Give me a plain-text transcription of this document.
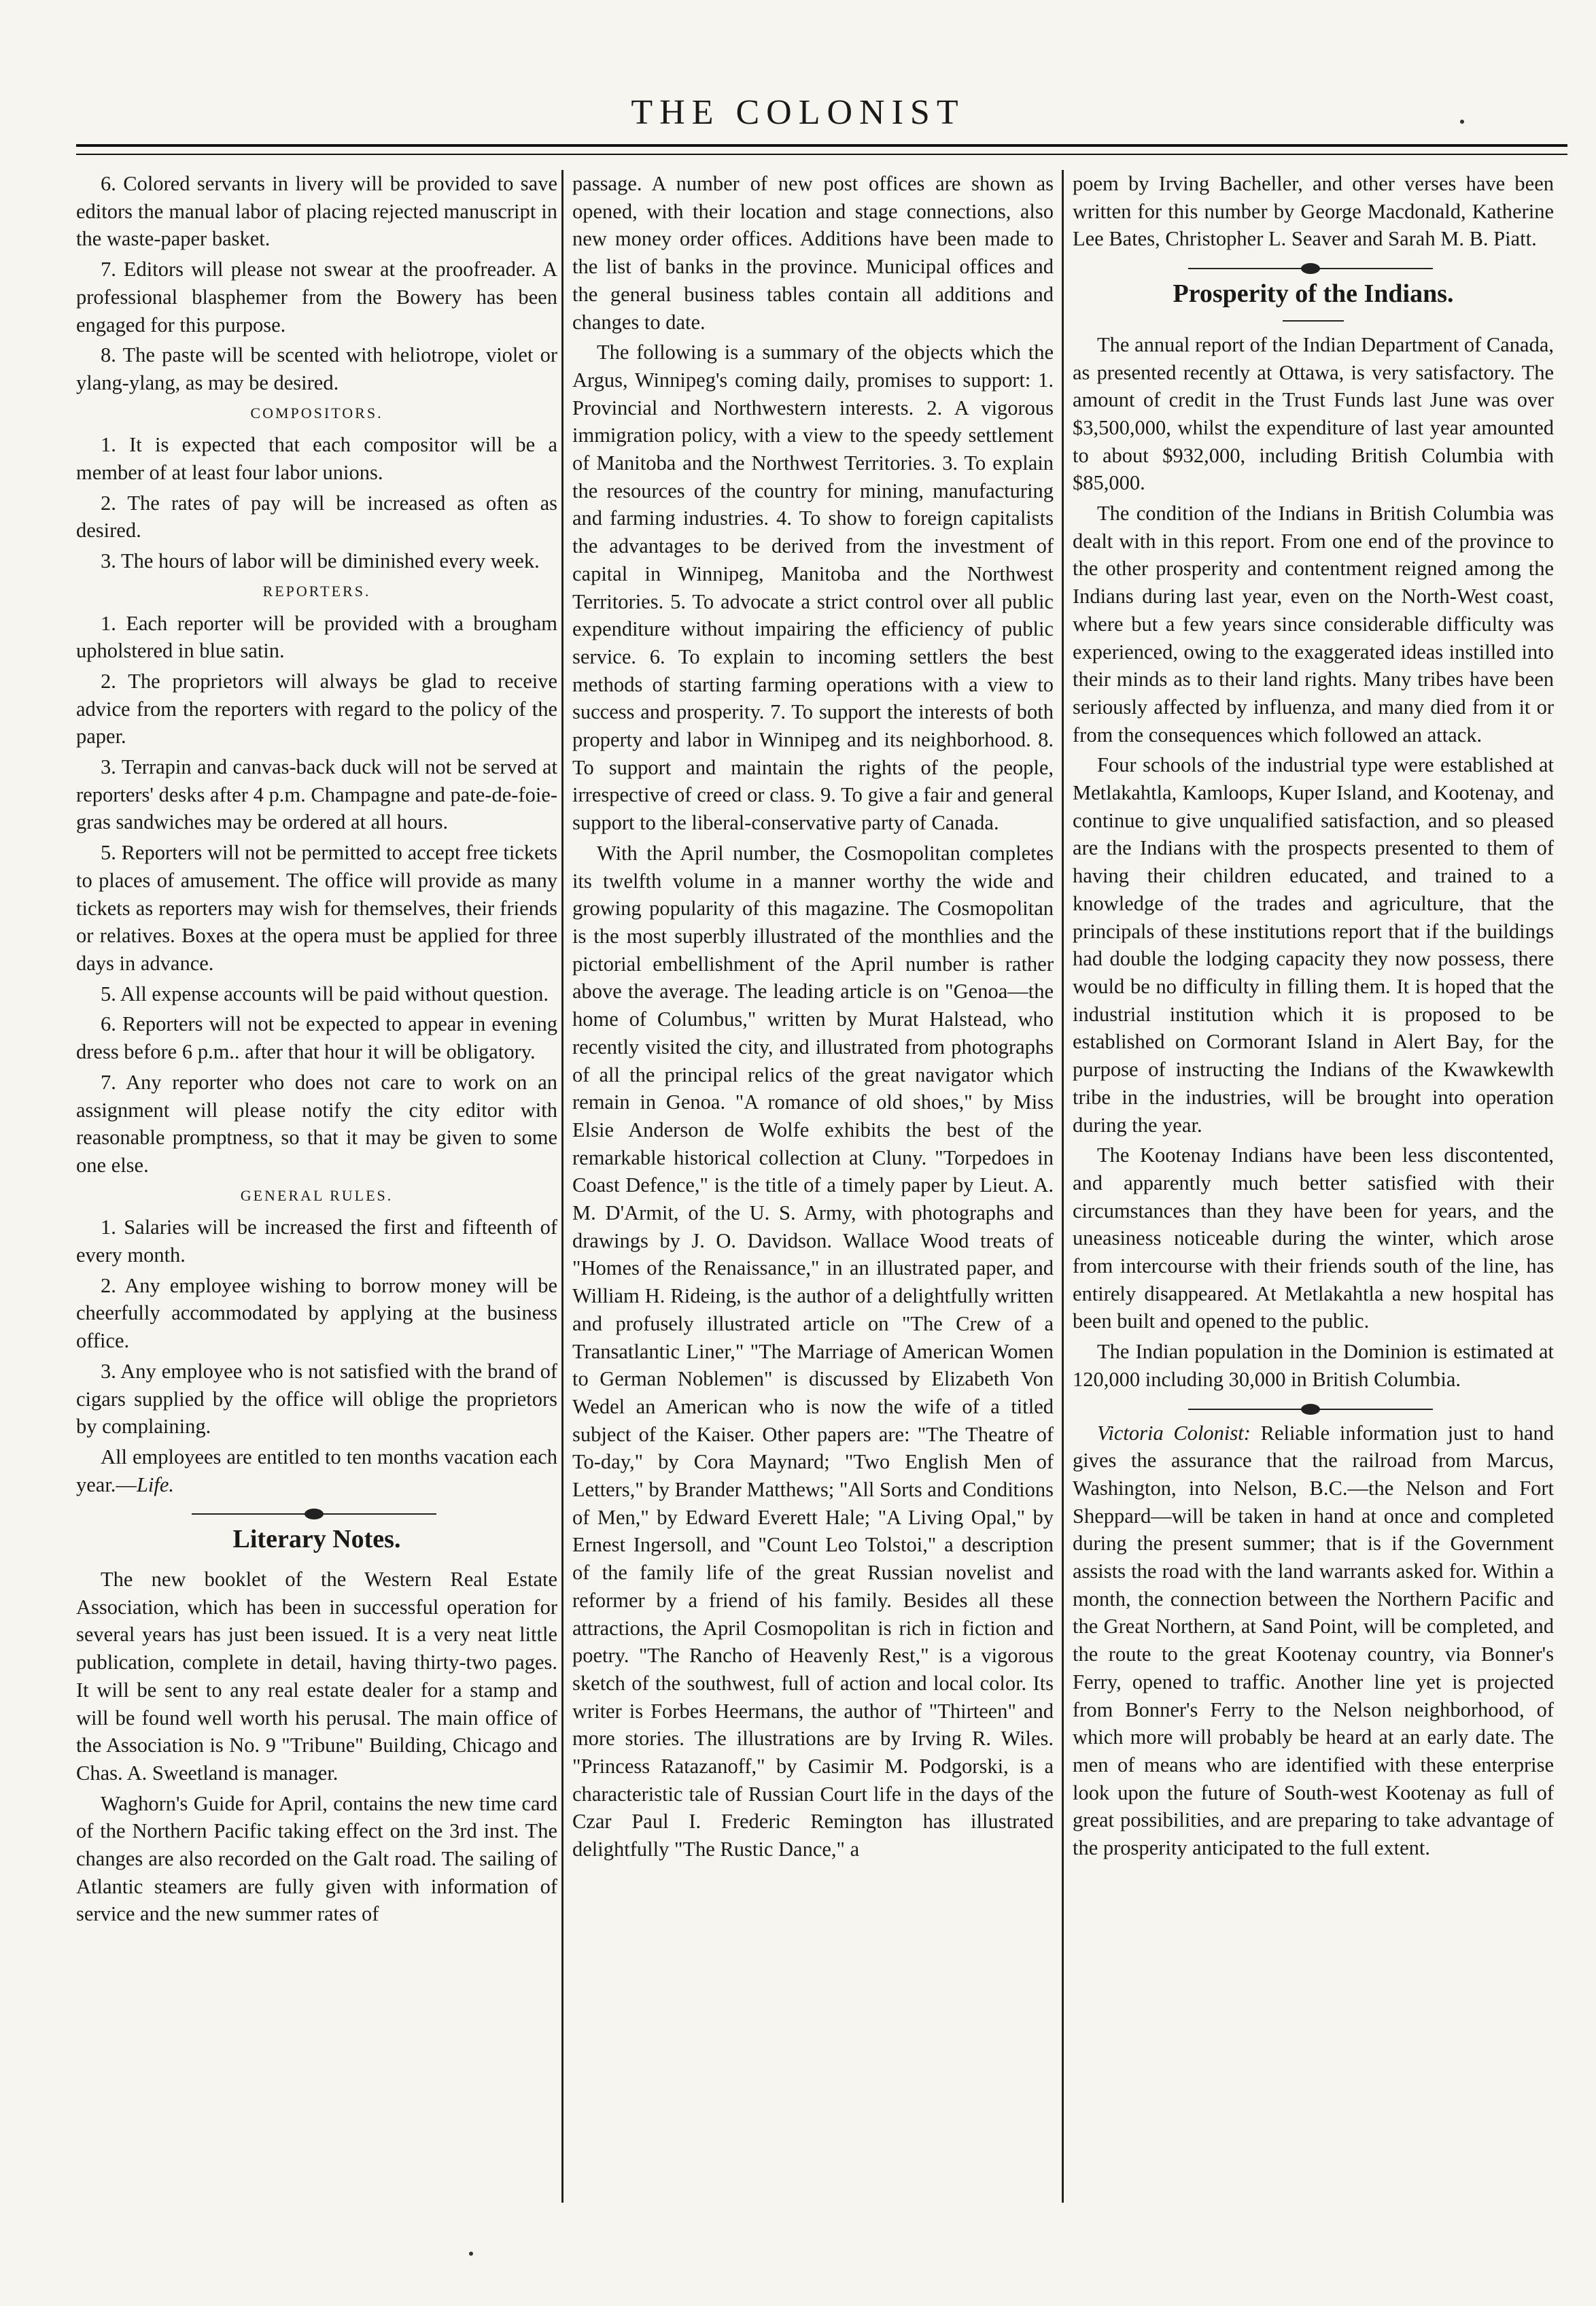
THE COLONIST

6. Colored servants in livery will be provided to save editors the manual labor of placing rejected manuscript in the waste-paper basket.

7. Editors will please not swear at the proofreader. A professional blasphemer from the Bowery has been engaged for this purpose.

8. The paste will be scented with heliotrope, violet or ylang-ylang, as may be desired.

COMPOSITORS.

1. It is expected that each compositor will be a member of at least four labor unions.

2. The rates of pay will be increased as often as desired.

3. The hours of labor will be diminished every week.

REPORTERS.

1. Each reporter will be provided with a brougham upholstered in blue satin.

2. The proprietors will always be glad to receive advice from the reporters with regard to the policy of the paper.

3. Terrapin and canvas-back duck will not be served at reporters' desks after 4 p.m. Champagne and pate-de-foie-gras sandwiches may be ordered at all hours.

5. Reporters will not be permitted to accept free tickets to places of amusement. The office will provide as many tickets as reporters may wish for themselves, their friends or relatives. Boxes at the opera must be applied for three days in advance.

5. All expense accounts will be paid without question.

6. Reporters will not be expected to appear in evening dress before 6 p.m.. after that hour it will be obligatory.

7. Any reporter who does not care to work on an assignment will please notify the city editor with reasonable promptness, so that it may be given to some one else.

GENERAL RULES.

1. Salaries will be increased the first and fifteenth of every month.

2. Any employee wishing to borrow money will be cheerfully accommodated by applying at the business office.

3. Any employee who is not satisfied with the brand of cigars supplied by the office will oblige the proprietors by complaining.

All employees are entitled to ten months vacation each year.—Life.

Literary Notes.

The new booklet of the Western Real Estate Association, which has been in successful operation for several years has just been issued. It is a very neat little publication, complete in detail, having thirty-two pages. It will be sent to any real estate dealer for a stamp and will be found well worth his perusal. The main office of the Association is No. 9 "Tribune" Building, Chicago and Chas. A. Sweetland is manager.

Waghorn's Guide for April, contains the new time card of the Northern Pacific taking effect on the 3rd inst. The changes are also recorded on the Galt road. The sailing of Atlantic steamers are fully given with information of service and the new summer rates of

passage. A number of new post offices are shown as opened, with their location and stage connections, also new money order offices. Additions have been made to the list of banks in the province. Municipal offices and the general business tables contain all additions and changes to date.

The following is a summary of the objects which the Argus, Winnipeg's coming daily, promises to support: 1. Provincial and Northwestern interests. 2. A vigorous immigration policy, with a view to the speedy settlement of Manitoba and the Northwest Territories. 3. To explain the resources of the country for mining, manufacturing and farming industries. 4. To show to foreign capitalists the advantages to be derived from the investment of capital in Winnipeg, Manitoba and the Northwest Territories. 5. To advocate a strict control over all public expenditure without impairing the efficiency of public service. 6. To explain to incoming settlers the best methods of starting farming operations with a view to success and prosperity. 7. To support the interests of both property and labor in Winnipeg and its neighborhood. 8. To support and maintain the rights of the people, irrespective of creed or class. 9. To give a fair and general support to the liberal-conservative party of Canada.

With the April number, the Cosmopolitan completes its twelfth volume in a manner worthy the wide and growing popularity of this magazine. The Cosmopolitan is the most superbly illustrated of the monthlies and the pictorial embellishment of the April number is rather above the average. The leading article is on "Genoa—the home of Columbus," written by Murat Halstead, who recently visited the city, and illustrated from photographs of all the principal relics of the great navigator which remain in Genoa. "A romance of old shoes," by Miss Elsie Anderson de Wolfe exhibits the best of the remarkable historical collection at Cluny. "Torpedoes in Coast Defence," is the title of a timely paper by Lieut. A. M. D'Armit, of the U. S. Army, with photographs and drawings by J. O. Davidson. Wallace Wood treats of "Homes of the Renaissance," in an illustrated paper, and William H. Rideing, is the author of a delightfully written and profusely illustrated article on "The Crew of a Transatlantic Liner," "The Marriage of American Women to German Noblemen" is discussed by Elizabeth Von Wedel an American who is now the wife of a titled subject of the Kaiser. Other papers are: "The Theatre of To-day," by Cora Maynard; "Two English Men of Letters," by Brander Matthews; "All Sorts and Conditions of Men," by Edward Everett Hale; "A Living Opal," by Ernest Ingersoll, and "Count Leo Tolstoi," a description of the family life of the great Russian novelist and reformer by a friend of his family. Besides all these attractions, the April Cosmopolitan is rich in fiction and poetry. "The Rancho of Heavenly Rest," is a vigorous sketch of the southwest, full of action and local color. Its writer is Forbes Heermans, the author of "Thirteen" and more stories. The illustrations are by Irving R. Wiles. "Princess Ratazanoff," by Casimir M. Podgorski, is a characteristic tale of Russian Court life in the days of the Czar Paul I. Frederic Remington has illustrated delightfully "The Rustic Dance," a

poem by Irving Bacheller, and other verses have been written for this number by George Macdonald, Katherine Lee Bates, Christopher L. Seaver and Sarah M. B. Piatt.

Prosperity of the Indians.

The annual report of the Indian Department of Canada, as presented recently at Ottawa, is very satisfactory. The amount of credit in the Trust Funds last June was over $3,500,000, whilst the expenditure of last year amounted to about $932,000, including British Columbia with $85,000.

The condition of the Indians in British Columbia was dealt with in this report. From one end of the province to the other prosperity and contentment reigned among the Indians during last year, even on the North-West coast, where but a few years since considerable difficulty was experienced, owing to the exaggerated ideas instilled into their minds as to their land rights. Many tribes have been seriously affected by influenza, and many died from it or from the consequences which followed an attack.

Four schools of the industrial type were established at Metlakahtla, Kamloops, Kuper Island, and Kootenay, and continue to give unqualified satisfaction, and so pleased are the Indians with the prospects presented to them of having their children educated, and trained to a knowledge of the trades and agriculture, that the principals of these institutions report that if the buildings had double the lodging capacity they now possess, there would be no difficulty in filling them. It is hoped that the industrial institution which it is proposed to be established on Cormorant Island in Alert Bay, for the purpose of instructing the Indians of the Kwawkewlth tribe in the industries, will be brought into operation during the year.

The Kootenay Indians have been less discontented, and apparently much better satisfied with their circumstances than they have been for years, and the uneasiness noticeable during the winter, which arose from intercourse with their friends south of the line, has entirely disappeared. At Metlakahtla a new hospital has been built and opened to the public.

The Indian population in the Dominion is estimated at 120,000 including 30,000 in British Columbia.

Victoria Colonist: Reliable information just to hand gives the assurance that the railroad from Marcus, Washington, into Nelson, B.C.—the Nelson and Fort Sheppard—will be taken in hand at once and completed during the present summer; that is if the Government assists the road with the land warrants asked for. Within a month, the connection between the Northern Pacific and the Great Northern, at Sand Point, will be completed, and the route to the great Kootenay country, via Bonner's Ferry, opened to traffic. Another line yet is projected from Bonner's Ferry to the Nelson neighborhood, of which more will probably be heard at an early date. The men of means who are identified with these enterprise look upon the future of South-west Kootenay as full of great possibilities, and are preparing to take advantage of the prosperity anticipated to the full extent.
